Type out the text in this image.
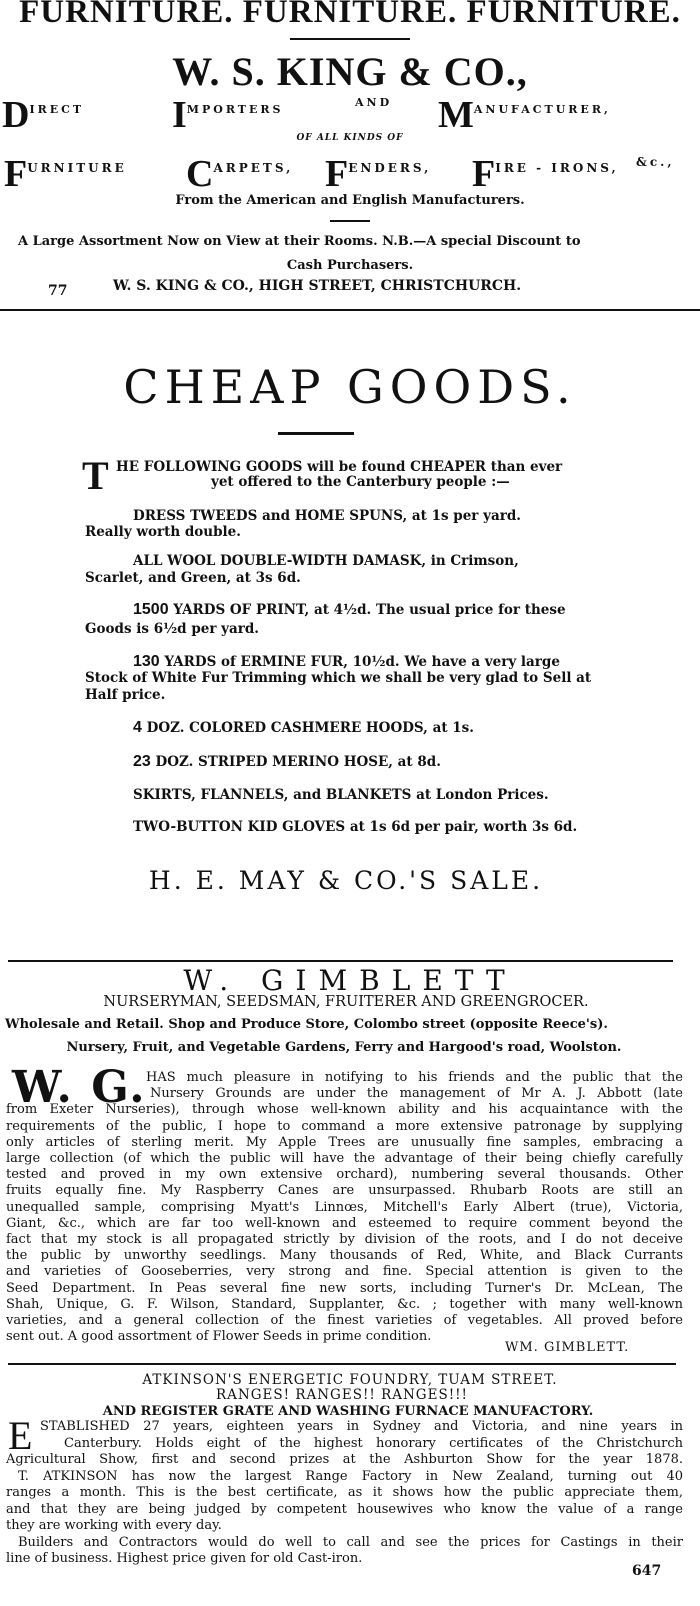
FURNITURE. FURNITURE. FURNITURE.
W. S. KING & CO.,
$D^{IRECT}$ $I^{MPORTERS}$
$^{AND}$ $M^{ANUFACTURER,}$
OF ALL KINDS OF
$F^{URNITURE}$ $C^{ARPETS,}$ $F^{ENDERS,}$ $F^{IRE - IRONS,}$ $^{\&c.,}$
From the American and English Manufacturers.
A Large Assortment Now on View at their Rooms. N.B.—A special Discount to
Cash Purchasers.
77	W. S. KING & CO., HIGH STREET, CHRISTCHURCH.
CHEAP GOODS.
T HE FOLLOWING GOODS will be found CHEAPER than ever
yet offered to the Canterbury people :—
DRESS TWEEDS and HOME SPUNS, at 1s per yard.
Really worth double.
ALL WOOL DOUBLE-WIDTH DAMASK, in Crimson,
Scarlet, and Green, at 3s 6d.
1500 YARDS OF PRINT, at 4½d. The usual price for these
Goods is 6½d per yard.
130 YARDS of ERMINE FUR, 10½d. We have a very large
Stock of White Fur Trimming which we shall be very glad to Sell at
Half price.
4 DOZ. COLORED CASHMERE HOODS, at 1s.
23 DOZ. STRIPED MERINO HOSE, at 8d.
SKIRTS, FLANNELS, and BLANKETS at London Prices.
TWO-BUTTON KID GLOVES at 1s 6d per pair, worth 3s 6d.
H. E. MAY & CO.'S SALE.
W. GIMBLETT
NURSERYMAN, SEEDSMAN, FRUITERER AND GREENGROCER.
Wholesale and Retail. Shop and Produce Store, Colombo street (opposite Reece's).
Nursery, Fruit, and Vegetable Gardens, Ferry and Hargood's road, Woolston.
W. G. HAS much pleasure in notifying to his friends and the public that the
Nursery Grounds are under the management of Mr A. J. Abbott (late
from Exeter Nurseries), through whose well-known ability and his acquaintance with the
requirements of the public, I hope to command a more extensive patronage by supplying
only articles of sterling merit. My Apple Trees are unusually fine samples, embracing a
large collection (of which the public will have the advantage of their being chiefly carefully
tested and proved in my own extensive orchard), numbering several thousands. Other
fruits equally fine. My Raspberry Canes are unsurpassed. Rhubarb Roots are still an
unequalled sample, comprising Myatt's Linnœs, Mitchell's Early Albert (true), Victoria,
Giant, &c., which are far too well-known and esteemed to require comment beyond the
fact that my stock is all propagated strictly by division of the roots, and I do not deceive
the public by unworthy seedlings. Many thousands of Red, White, and Black Currants
and varieties of Gooseberries, very strong and fine. Special attention is given to the
Seed Department. In Peas several fine new sorts, including Turner's Dr. McLean, The
Shah, Unique, G. F. Wilson, Standard, Supplanter, &c. ; together with many well-known
varieties, and a general collection of the finest varieties of vegetables. All proved before
sent out. A good assortment of Flower Seeds in prime condition.
WM. GIMBLETT.
ATKINSON'S ENERGETIC FOUNDRY, TUAM STREET.
RANGES! RANGES!! RANGES!!!
AND REGISTER GRATE AND WASHING FURNACE MANUFACTORY.
E STABLISHED 27 years, eighteen years in Sydney and Victoria, and nine years in
Canterbury. Holds eight of the highest honorary certificates of the Christchurch
Agricultural Show, first and second prizes at the Ashburton Show for the year 1878.
T. ATKINSON has now the largest Range Factory in New Zealand, turning out 40
ranges a month. This is the best certificate, as it shows how the public appreciate them,
and that they are being judged by competent housewives who know the value of a range
they are working with every day.
Builders and Contractors would do well to call and see the prices for Castings in their
line of business. Highest price given for old Cast-iron.
647
